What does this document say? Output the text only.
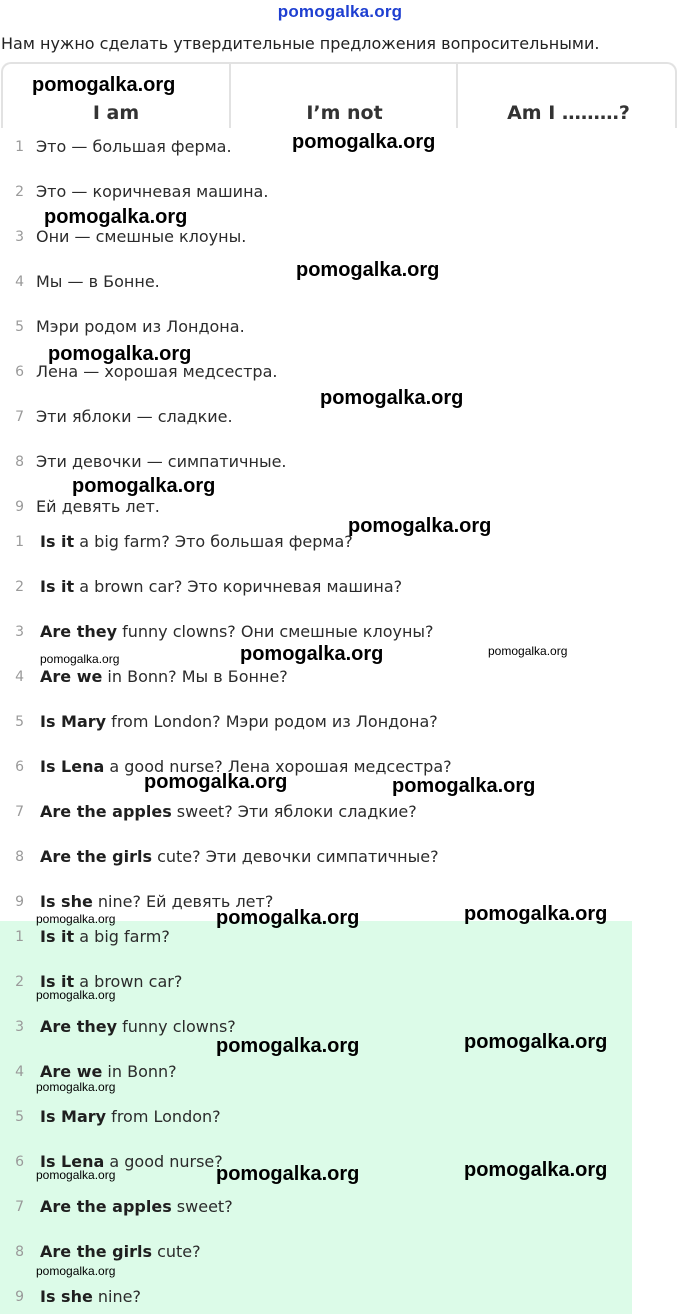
pomogalka.org
Нам нужно сделать утвердительные предложения вопросительными.
I am	I’m not	Am I ………?
1 Это — большая ферма.
2 Это — коричневая машина.
3 Они — смешные клоуны.
4 Мы — в Бонне.
5 Мэри родом из Лондона.
6 Лена — хорошая медсестра.
7 Эти яблоки — сладкие.
8 Эти девочки — симпатичные.
9 Ей девять лет.
1 Is it a big farm? Это большая ферма?
2 Is it a brown car? Это коричневая машина?
3 Are they funny clowns? Они смешные клоуны?
4 Are we in Bonn? Мы в Бонне?
5 Is Mary from London? Мэри родом из Лондона?
6 Is Lena a good nurse? Лена хорошая медсестра?
7 Are the apples sweet? Эти яблоки сладкие?
8 Are the girls cute? Эти девочки симпатичные?
9 Is she nine? Ей девять лет?
1 Is it a big farm?
2 Is it a brown car?
3 Are they funny clowns?
4 Are we in Bonn?
5 Is Mary from London?
6 Is Lena a good nurse?
7 Are the apples sweet?
8 Are the girls cute?
9 Is she nine?
pomogalka.org
pomogalka.org
pomogalka.org
pomogalka.org
pomogalka.org
pomogalka.org
pomogalka.org
pomogalka.org
pomogalka.org	pomogalka.org	pomogalka.org
pomogalka.org	pomogalka.org
pomogalka.org	pomogalka.org	pomogalka.org
pomogalka.org
pomogalka.org	pomogalka.org
pomogalka.org
pomogalka.org	pomogalka.org	pomogalka.org
pomogalka.org
